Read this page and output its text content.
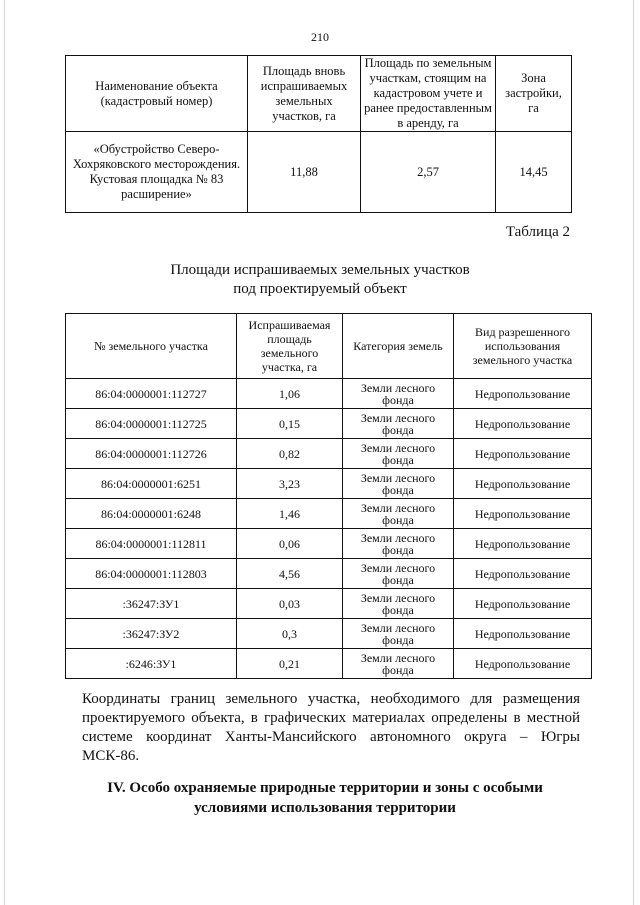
210
Наименование объекта (кадастровый номер)	Площадь вновь испрашиваемых земельных участков, га	Площадь по земельным участкам, стоящим на кадастровом учете и ранее предоставленным в аренду, га	Зона застройки, га
«Обустройство Северо-Хохряковского месторождения. Кустовая площадка № 83 расширение»	11,88	2,57	14,45
Таблица 2
Площади испрашиваемых земельных участков
под проектируемый объект
№ земельного участка	Испрашиваемая площадь земельного участка, га	Категория земель	Вид разрешенного использования земельного участка
86:04:0000001:112727	1,06	Земли лесного фонда	Недропользование
86:04:0000001:112725	0,15	Земли лесного фонда	Недропользование
86:04:0000001:112726	0,82	Земли лесного фонда	Недропользование
86:04:0000001:6251	3,23	Земли лесного фонда	Недропользование
86:04:0000001:6248	1,46	Земли лесного фонда	Недропользование
86:04:0000001:112811	0,06	Земли лесного фонда	Недропользование
86:04:0000001:112803	4,56	Земли лесного фонда	Недропользование
:36247:ЗУ1	0,03	Земли лесного фонда	Недропользование
:36247:ЗУ2	0,3	Земли лесного фонда	Недропользование
:6246:ЗУ1	0,21	Земли лесного фонда	Недропользование
Координаты границ земельного участка, необходимого для размещения проектируемого объекта, в графических материалах определены в местной системе координат Ханты-Мансийского автономного округа – Югры МСК-86.
IV. Особо охраняемые природные территории и зоны с особыми
условиями использования территории
